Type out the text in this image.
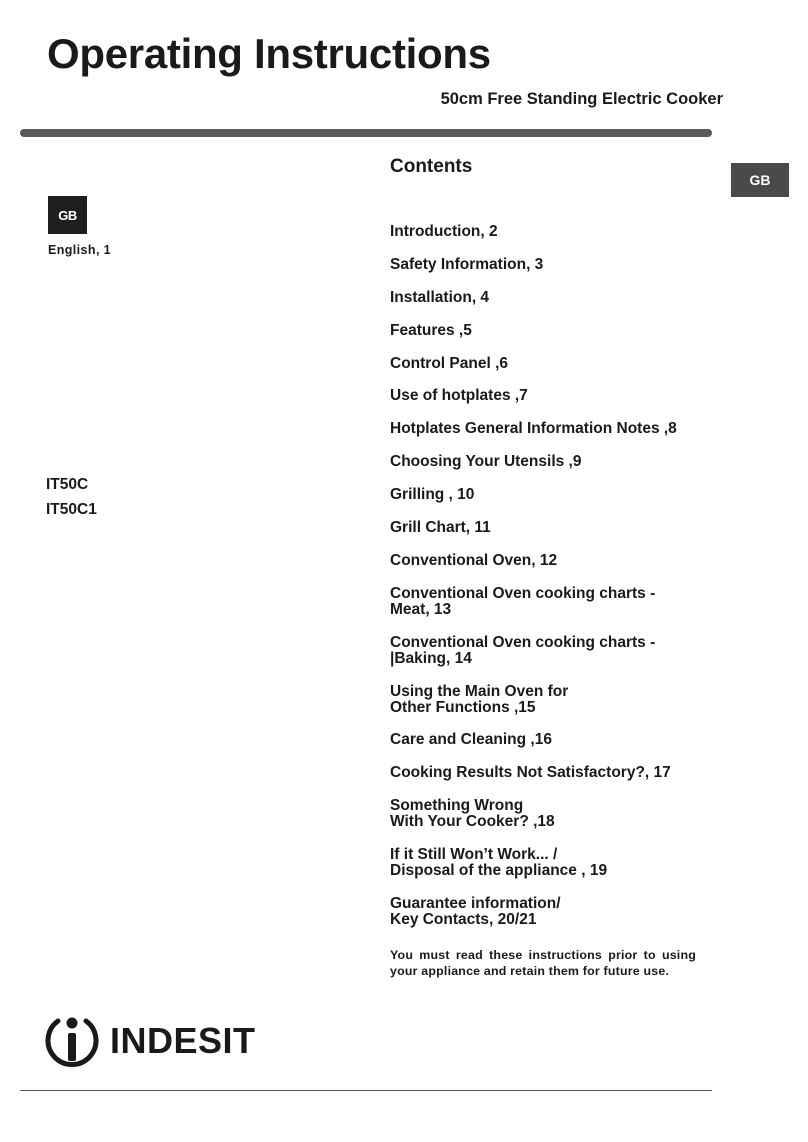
Operating Instructions
50cm Free Standing Electric Cooker
GB
GB
English, 1
IT50C
IT50C1
Contents
Introduction, 2
Safety Information, 3
Installation, 4
Features ,5
Control Panel ,6
Use of hotplates ,7
Hotplates General Information Notes ,8
Choosing Your Utensils ,9
Grilling , 10
Grill Chart, 11
Conventional Oven, 12
Conventional Oven cooking charts -
Meat, 13
Conventional Oven cooking charts -
|Baking, 14
Using the Main Oven for
Other Functions ,15
Care and Cleaning ,16
Cooking Results Not Satisfactory?, 17
Something Wrong
With Your Cooker? ,18
If it Still Won’t Work... /
Disposal of the appliance , 19
Guarantee information/
Key Contacts, 20/21
You must read these instructions prior to using your appliance and retain them for future use.
INDESIT
